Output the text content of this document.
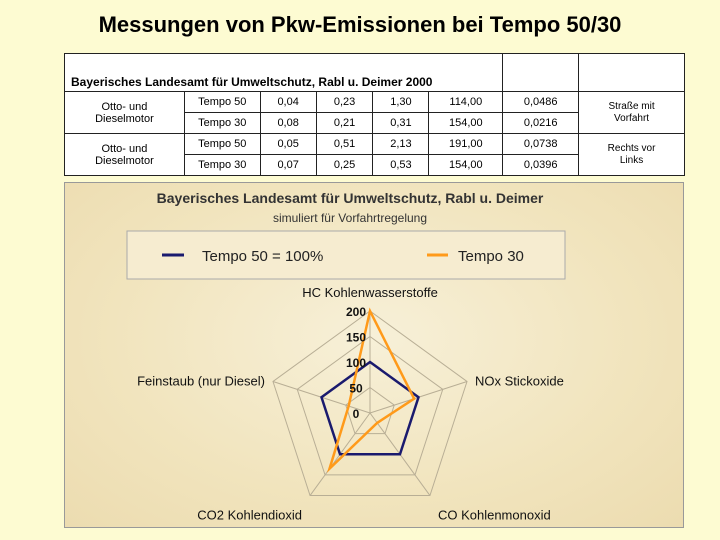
Messungen von Pkw-Emissionen bei Tempo 50/30
Bayerisches Landesamt für Umweltschutz, Rabl u. Deimer 2000							
Otto- und
Dieselmotor	Tempo 50	0,04	0,23	1,30	114,00	0,0486	Straße mit
Vorfahrt
	Tempo 30	0,08	0,21	0,31	154,00	0,0216	
Otto- und
Dieselmotor	Tempo 50	0,05	0,51	2,13	191,00	0,0738	Rechts vor
Links
	Tempo 30	0,07	0,25	0,53	154,00	0,0396	
Bayerisches Landesamt für Umweltschutz, Rabl u. Deimer
simuliert für Vorfahrtregelung
Tempo 50 = 100%	Tempo 30
0
50
100
150
200
HC Kohlenwasserstoffe
NOx Stickoxide
CO Kohlenmonoxid
CO2 Kohlendioxid
Feinstaub (nur Diesel)
